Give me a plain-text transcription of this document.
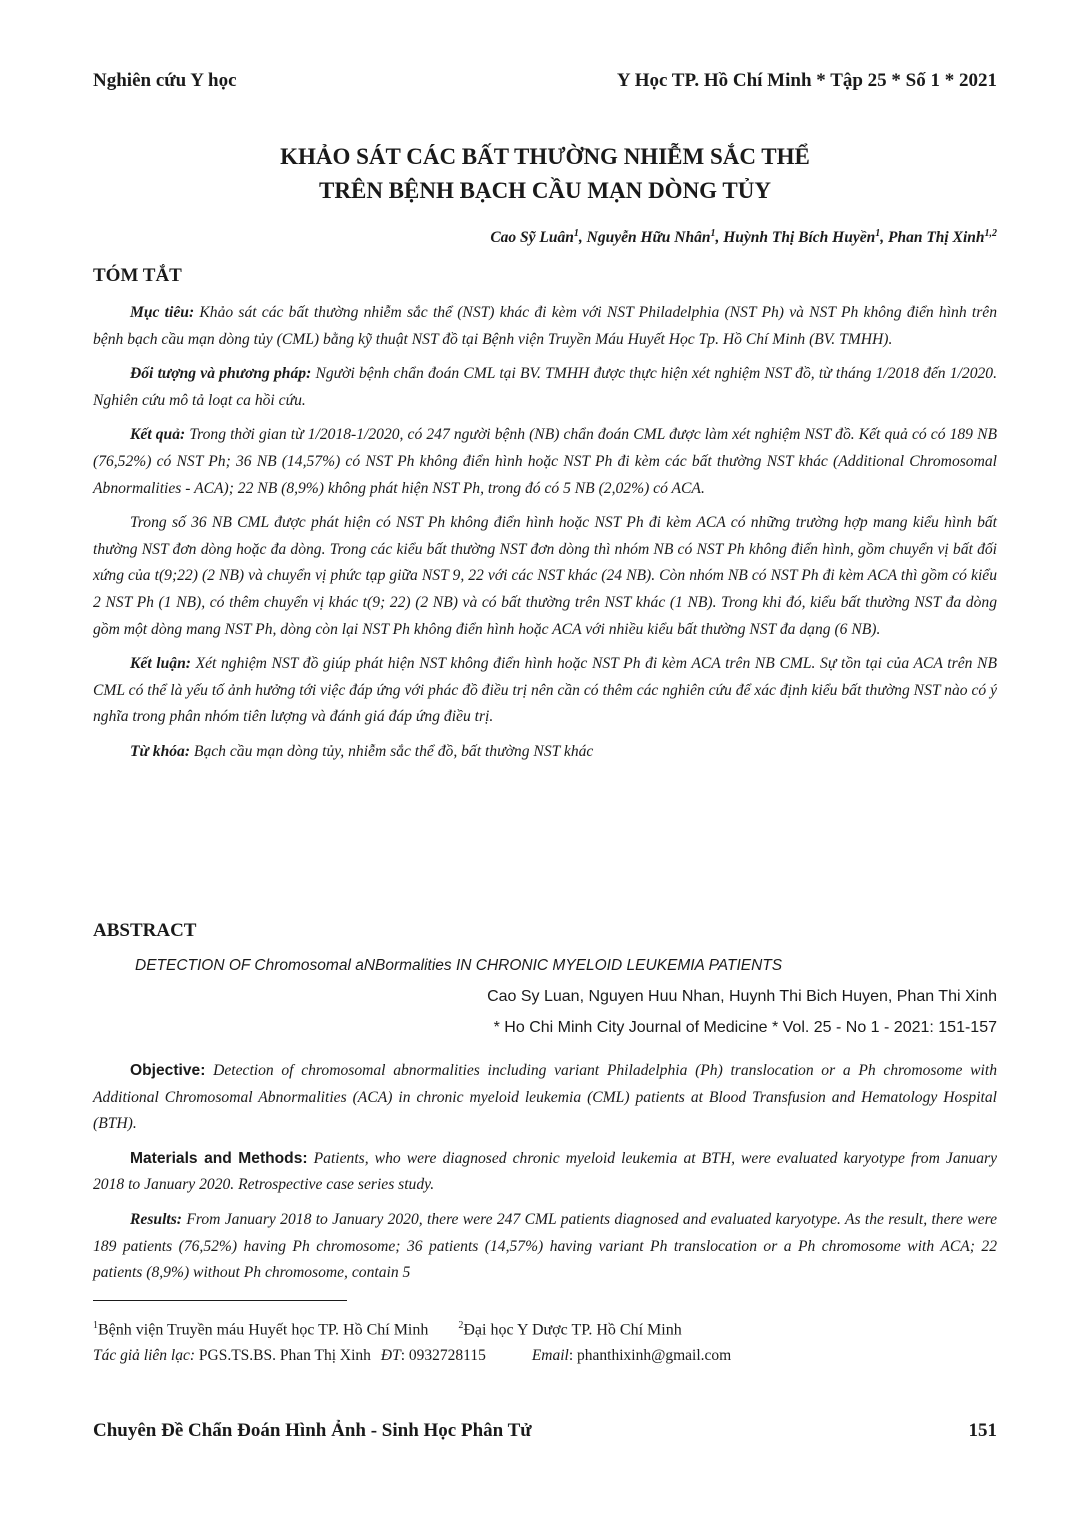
Nghiên cứu Y học	Y Học TP. Hồ Chí Minh * Tập 25 * Số 1 * 2021
KHẢO SÁT CÁC BẤT THƯỜNG NHIỄM SẮC THỂ
TRÊN BỆNH BẠCH CẦU MẠN DÒNG TỦY
Cao Sỹ Luân$^1$, Nguyễn Hữu Nhân$^1$, Huỳnh Thị Bích Huyền$^1$, Phan Thị Xinh$^{1,2}$
TÓM TẮT

Mục tiêu: Khảo sát các bất thường nhiễm sắc thể (NST) khác đi kèm với NST Philadelphia (NST Ph) và NST Ph không điển hình trên bệnh bạch cầu mạn dòng tủy (CML) bằng kỹ thuật NST đồ tại Bệnh viện Truyền Máu Huyết Học Tp. Hồ Chí Minh (BV. TMHH).

Đối tượng và phương pháp: Người bệnh chẩn đoán CML tại BV. TMHH được thực hiện xét nghiệm NST đồ, từ tháng 1/2018 đến 1/2020. Nghiên cứu mô tả loạt ca hồi cứu.

Kết quả: Trong thời gian từ 1/2018-1/2020, có 247 người bệnh (NB) chẩn đoán CML được làm xét nghiệm NST đồ. Kết quả có có 189 NB (76,52%) có NST Ph; 36 NB (14,57%) có NST Ph không điển hình hoặc NST Ph đi kèm các bất thường NST khác (Additional Chromosomal Abnormalities - ACA); 22 NB (8,9%) không phát hiện NST Ph, trong đó có 5 NB (2,02%) có ACA.

Trong số 36 NB CML được phát hiện có NST Ph không điển hình hoặc NST Ph đi kèm ACA có những trường hợp mang kiểu hình bất thường NST đơn dòng hoặc đa dòng. Trong các kiểu bất thường NST đơn dòng thì nhóm NB có NST Ph không điển hình, gồm chuyển vị bất đối xứng của t(9;22) (2 NB) và chuyển vị phức tạp giữa NST 9, 22 với các NST khác (24 NB). Còn nhóm NB có NST Ph đi kèm ACA thì gồm có kiểu 2 NST Ph (1 NB), có thêm chuyển vị khác t(9; 22) (2 NB) và có bất thường trên NST khác (1 NB). Trong khi đó, kiểu bất thường NST đa dòng gồm một dòng mang NST Ph, dòng còn lại NST Ph không điển hình hoặc ACA với nhiều kiểu bất thường NST đa dạng (6 NB).

Kết luận: Xét nghiệm NST đồ giúp phát hiện NST không điển hình hoặc NST Ph đi kèm ACA trên NB CML. Sự tồn tại của ACA trên NB CML có thể là yếu tố ảnh hưởng tới việc đáp ứng với phác đồ điều trị nên cần có thêm các nghiên cứu để xác định kiểu bất thường NST nào có ý nghĩa trong phân nhóm tiên lượng và đánh giá đáp ứng điều trị.

Từ khóa: Bạch cầu mạn dòng tủy, nhiễm sắc thể đồ, bất thường NST khác

ABSTRACT
DETECTION OF Chromosomal aNBormalities IN CHRONIC MYELOID LEUKEMIA PATIENTS
Cao Sy Luan, Nguyen Huu Nhan, Huynh Thi Bich Huyen, Phan Thi Xinh
* Ho Chi Minh City Journal of Medicine * Vol. 25 - No 1 - 2021: 151-157

Objective: Detection of chromosomal abnormalities including variant Philadelphia (Ph) translocation or a Ph chromosome with Additional Chromosomal Abnormalities (ACA) in chronic myeloid leukemia (CML) patients at Blood Transfusion and Hematology Hospital (BTH).

Materials and Methods: Patients, who were diagnosed chronic myeloid leukemia at BTH, were evaluated karyotype from January 2018 to January 2020. Retrospective case series study.

Results: From January 2018 to January 2020, there were 247 CML patients diagnosed and evaluated karyotype. As the result, there were 189 patients (76,52%) having Ph chromosome; 36 patients (14,57%) having variant Ph translocation or a Ph chromosome with ACA; 22 patients (8,9%) without Ph chromosome, contain 5

$^1$Bệnh viện Truyền máu Huyết học TP. Hồ Chí Minh	$^2$Đại học Y Dược TP. Hồ Chí Minh
Tác giả liên lạc: PGS.TS.BS. Phan Thị Xinh ĐT: 0932728115	Email: phanthixinh@gmail.com
Chuyên Đề Chẩn Đoán Hình Ảnh - Sinh Học Phân Tử	151
